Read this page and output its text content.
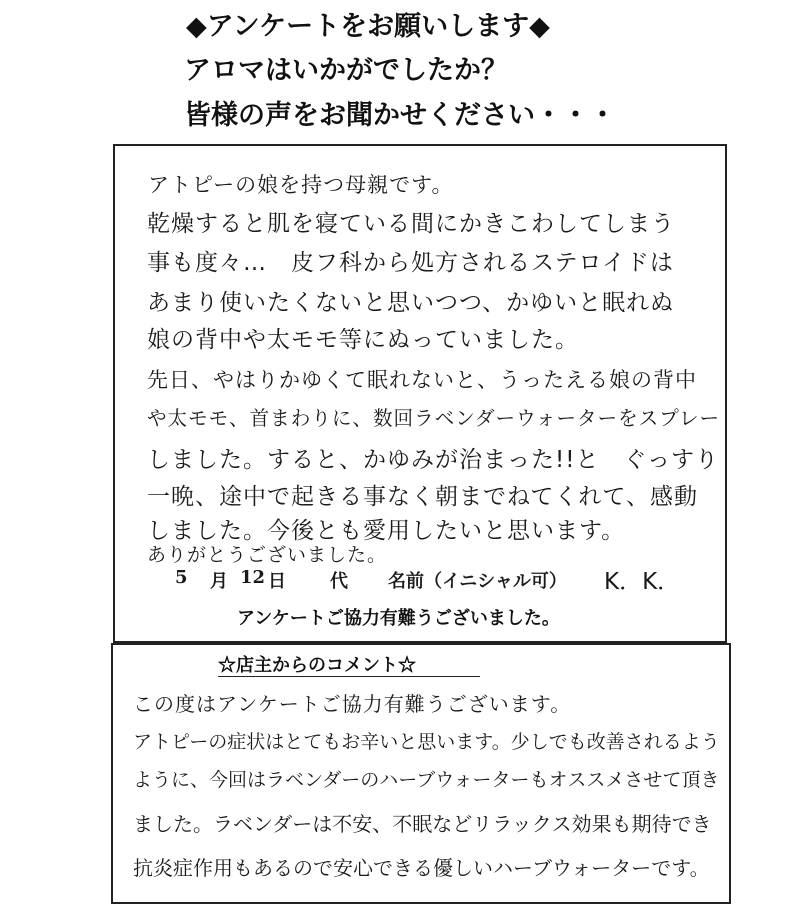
◆アンケートをお願いします◆
アロマはいかがでしたか？
皆様の声をお聞かせください・・・
アトピーの娘を持つ母親です。
乾燥すると肌を寝ている間にかきこわしてしまう
事も度々…　皮フ科から処方されるステロイドは
あまり使いたくないと思いつつ、かゆいと眠れぬ
娘の背中や太モモ等にぬっていました。
先日、やはりかゆくて眠れないと、うったえる娘の背中
や太モモ、首まわりに、数回ラベンダーウォーターをスプレー
しました。すると、かゆみが治まった!!と　ぐっすり
一晩、途中で起きる事なく朝までねてくれて、感動
しました。今後とも愛用したいと思います。
ありがとうございました。
5 月 12 日 代 名前（イニシャル可） K．K．
アンケートご協力有難うございました。
☆店主からのコメント☆
この度はアンケートご協力有難うございます。
アトピーの症状はとてもお辛いと思います。少しでも改善されるよう
ように、今回はラベンダーのハーブウォーターもオススメさせて頂き
ました。ラベンダーは不安、不眠などリラックス効果も期待でき
抗炎症作用もあるので安心できる優しいハーブウォーターです。
